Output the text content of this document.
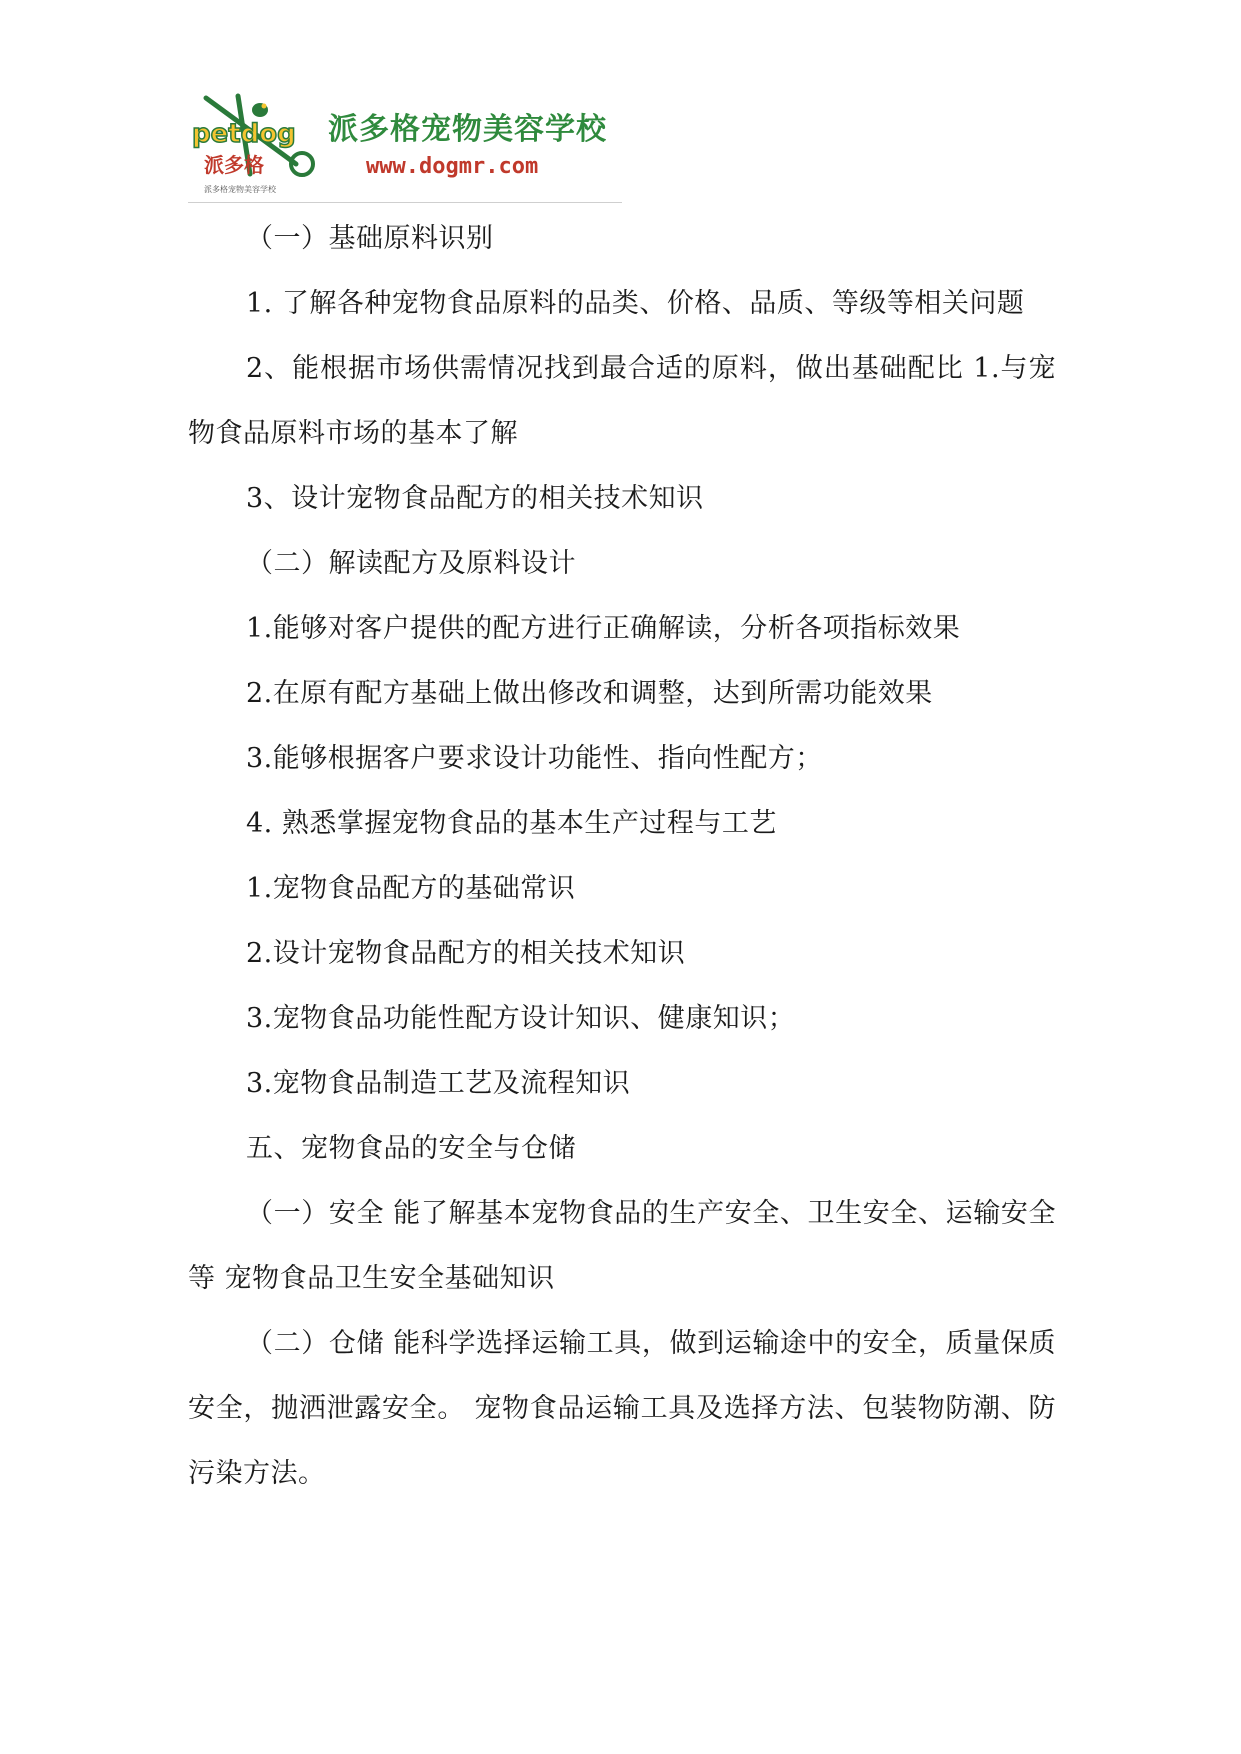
petdog
派多格
派多格宠物美容学校
派多格宠物美容学校
www.dogmr.com

（一）基础原料识别

1. 了解各种宠物食品原料的品类、价格、品质、等级等相关问题

2、能根据市场供需情况找到最合适的原料，做出基础配比 1.与宠物食品原料市场的基本了解

3、设计宠物食品配方的相关技术知识

（二）解读配方及原料设计

1.能够对客户提供的配方进行正确解读，分析各项指标效果

2.在原有配方基础上做出修改和调整，达到所需功能效果

3.能够根据客户要求设计功能性、指向性配方；

4. 熟悉掌握宠物食品的基本生产过程与工艺

1.宠物食品配方的基础常识

2.设计宠物食品配方的相关技术知识

3.宠物食品功能性配方设计知识、健康知识；

3.宠物食品制造工艺及流程知识

五、宠物食品的安全与仓储

（一）安全 能了解基本宠物食品的生产安全、卫生安全、运输安全等 宠物食品卫生安全基础知识

（二）仓储 能科学选择运输工具，做到运输途中的安全，质量保质安全，抛洒泄露安全。 宠物食品运输工具及选择方法、包装物防潮、防污染方法。
